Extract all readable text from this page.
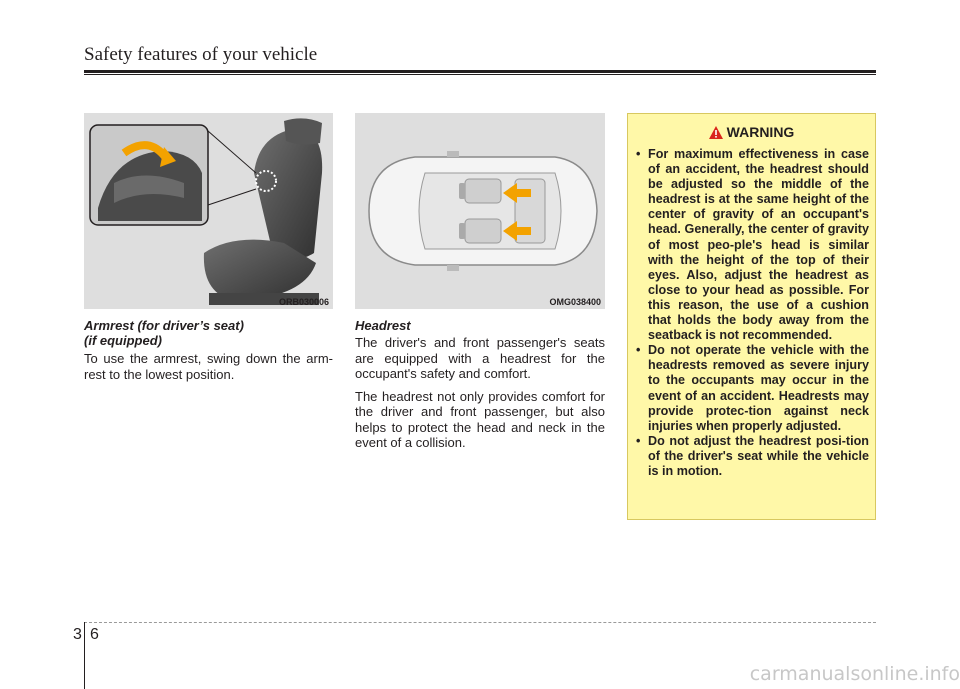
Safety features of your vehicle
ORB030006	OMG038400
Armrest (for driver’s seat)
(if equipped)

To use the armrest, swing down the arm-rest to the lowest position.

Headrest

The driver's and front passenger's seats are equipped with a headrest for the occupant's safety and comfort.

The headrest not only provides comfort for the driver and front passenger, but also helps to protect the head and neck in the event of a collision.

WARNING
• For maximum effectiveness in case of an accident, the headrest should be adjusted so the middle of the headrest is at the same height of the center of gravity of an occupant's head. Generally, the center of gravity of most peo-ple's head is similar with the height of the top of their eyes. Also, adjust the headrest as close to your head as possible. For this reason, the use of a cushion that holds the body away from the seatback is not recommended.
• Do not operate the vehicle with the headrests removed as severe injury to the occupants may occur in the event of an accident. Headrests may provide protec-tion against neck injuries when properly adjusted.
• Do not adjust the headrest posi-tion of the driver's seat while the vehicle is in motion.
3 6
carmanualsonline.info
